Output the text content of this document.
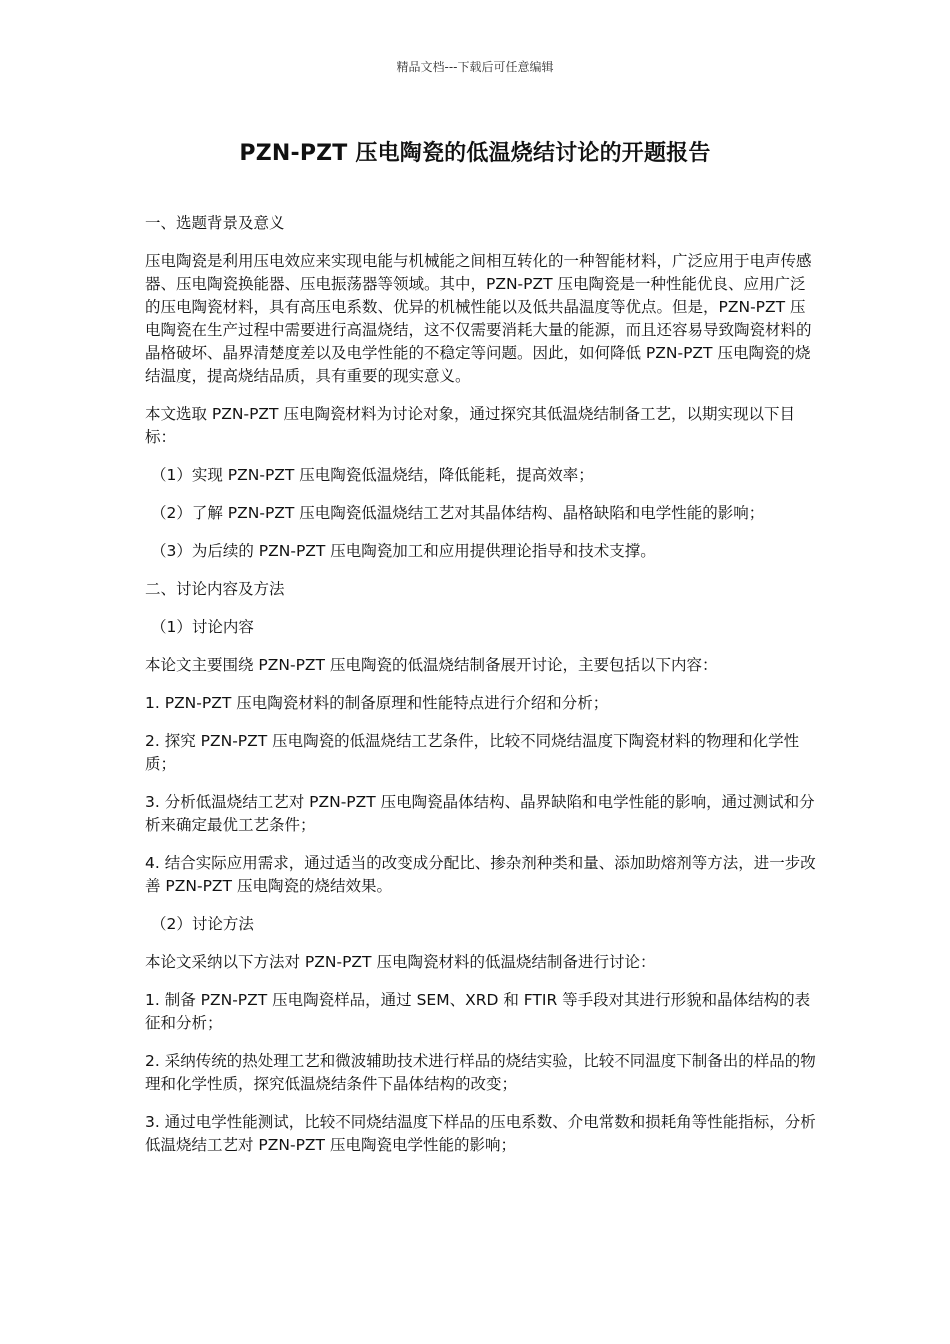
精品文档---下载后可任意编辑
PZN-PZT 压电陶瓷的低温烧结讨论的开题报告

一、选题背景及意义

压电陶瓷是利用压电效应来实现电能与机械能之间相互转化的一种智能材料，广泛应用于电声传感器、压电陶瓷换能器、压电振荡器等领域。其中，PZN-PZT 压电陶瓷是一种性能优良、应用广泛的压电陶瓷材料，具有高压电系数、优异的机械性能以及低共晶温度等优点。但是，PZN-PZT 压电陶瓷在生产过程中需要进行高温烧结，这不仅需要消耗大量的能源，而且还容易导致陶瓷材料的晶格破坏、晶界清楚度差以及电学性能的不稳定等问题。因此，如何降低 PZN-PZT 压电陶瓷的烧结温度，提高烧结品质，具有重要的现实意义。

本文选取 PZN-PZT 压电陶瓷材料为讨论对象，通过探究其低温烧结制备工艺，以期实现以下目标：

（1）实现 PZN-PZT 压电陶瓷低温烧结，降低能耗，提高效率；

（2）了解 PZN-PZT 压电陶瓷低温烧结工艺对其晶体结构、晶格缺陷和电学性能的影响；

（3）为后续的 PZN-PZT 压电陶瓷加工和应用提供理论指导和技术支撑。

二、讨论内容及方法

（1）讨论内容

本论文主要围绕 PZN-PZT 压电陶瓷的低温烧结制备展开讨论，主要包括以下内容：

1. PZN-PZT 压电陶瓷材料的制备原理和性能特点进行介绍和分析；

2. 探究 PZN-PZT 压电陶瓷的低温烧结工艺条件，比较不同烧结温度下陶瓷材料的物理和化学性质；

3. 分析低温烧结工艺对 PZN-PZT 压电陶瓷晶体结构、晶界缺陷和电学性能的影响，通过测试和分析来确定最优工艺条件；

4. 结合实际应用需求，通过适当的改变成分配比、掺杂剂种类和量、添加助熔剂等方法，进一步改善 PZN-PZT 压电陶瓷的烧结效果。

（2）讨论方法

本论文采纳以下方法对 PZN-PZT 压电陶瓷材料的低温烧结制备进行讨论：

1. 制备 PZN-PZT 压电陶瓷样品，通过 SEM、XRD 和 FTIR 等手段对其进行形貌和晶体结构的表征和分析；

2. 采纳传统的热处理工艺和微波辅助技术进行样品的烧结实验，比较不同温度下制备出的样品的物理和化学性质，探究低温烧结条件下晶体结构的改变；

3. 通过电学性能测试，比较不同烧结温度下样品的压电系数、介电常数和损耗角等性能指标，分析低温烧结工艺对 PZN-PZT 压电陶瓷电学性能的影响；
